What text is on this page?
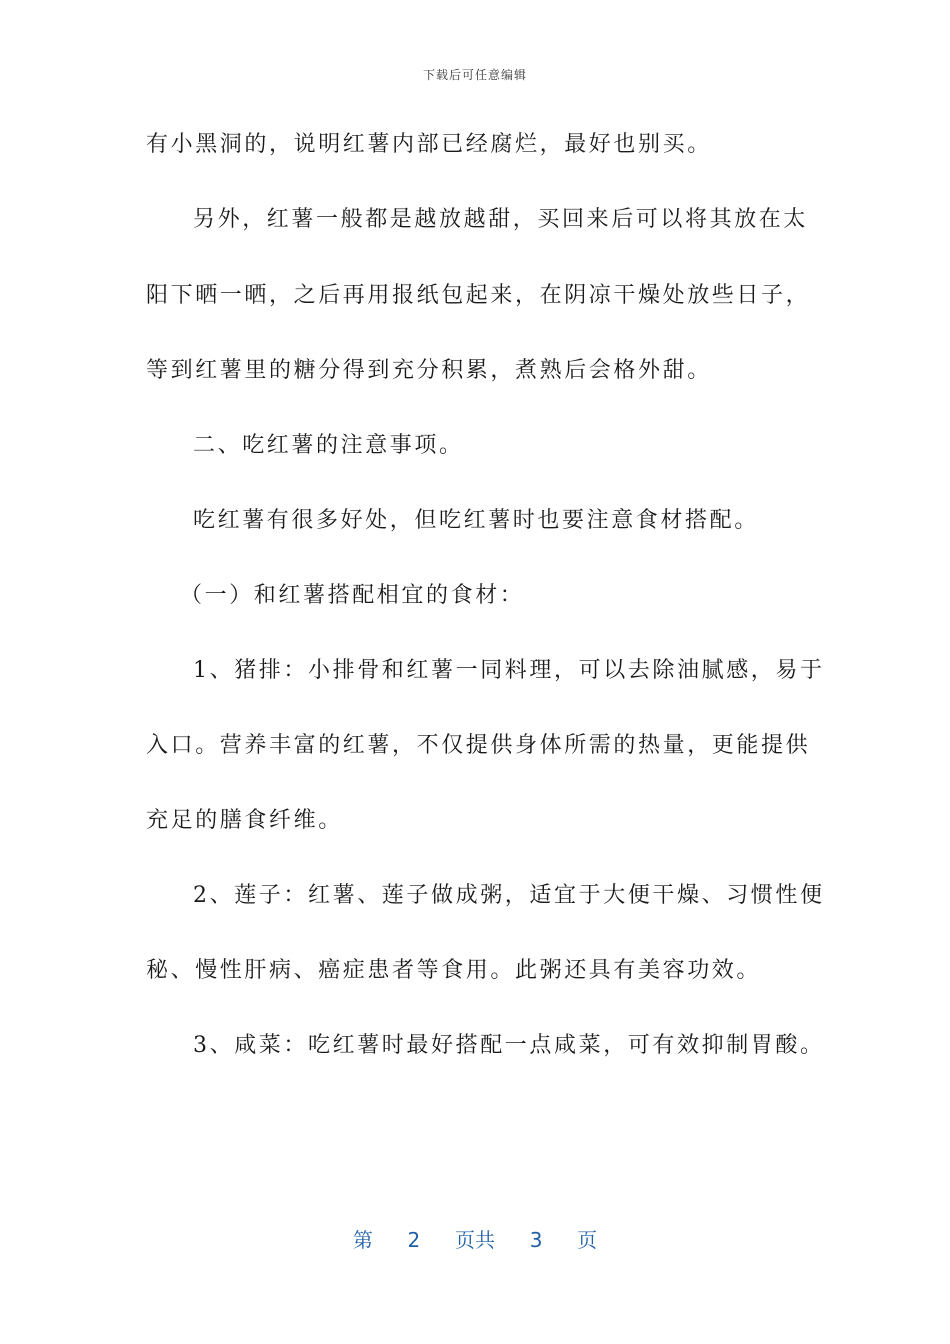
下载后可任意编辑
有小黑洞的，说明红薯内部已经腐烂，最好也别买。
另外，红薯一般都是越放越甜，买回来后可以将其放在太
阳下晒一晒，之后再用报纸包起来，在阴凉干燥处放些日子，
等到红薯里的糖分得到充分积累，煮熟后会格外甜。
二、吃红薯的注意事项。
吃红薯有很多好处，但吃红薯时也要注意食材搭配。
（一）和红薯搭配相宜的食材：
1、猪排：小排骨和红薯一同料理，可以去除油腻感，易于
入口。营养丰富的红薯，不仅提供身体所需的热量，更能提供
充足的膳食纤维。
2、莲子：红薯、莲子做成粥，适宜于大便干燥、习惯性便
秘、慢性肝病、癌症患者等食用。此粥还具有美容功效。
3、咸菜：吃红薯时最好搭配一点咸菜，可有效抑制胃酸。
第 2 页共 3 页
